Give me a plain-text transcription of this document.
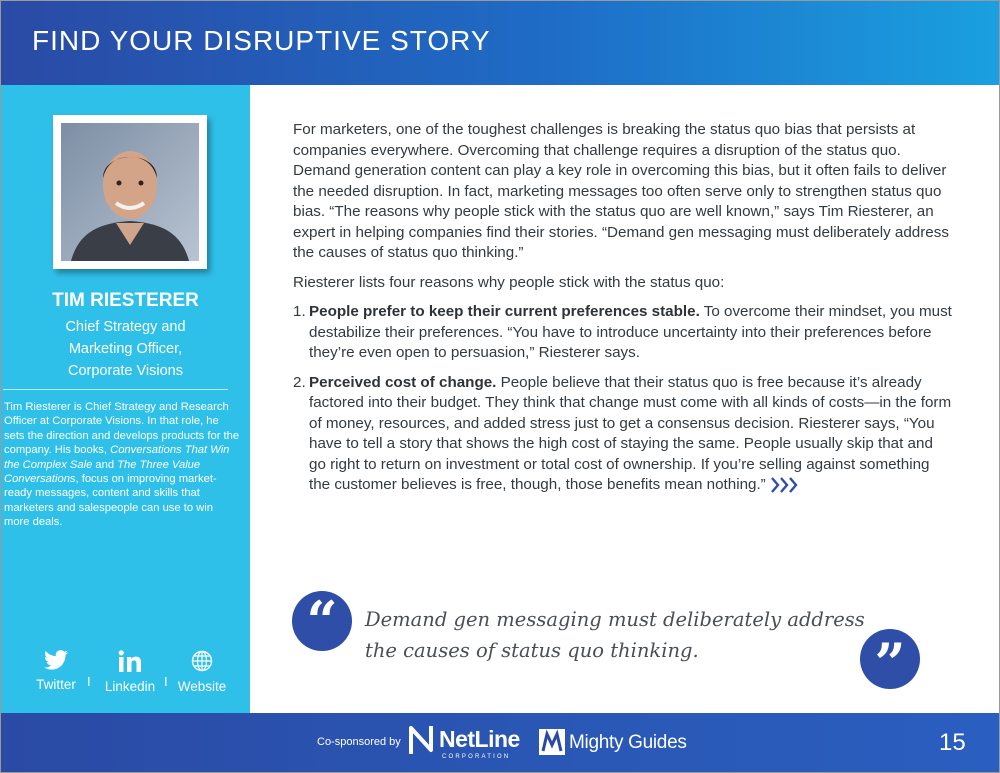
FIND YOUR DISRUPTIVE STORY
TIM RIESTERER
Chief Strategy and
Marketing Officer,
Corporate Visions
Tim Riesterer is Chief Strategy and Research Officer at Corporate Visions. In that role, he sets the direction and develops products for the company. His books, Conversations That Win the Complex Sale and The Three Value Conversations, focus on improving market-ready messages, content and skills that marketers and salespeople can use to win more deals.
Twitter I	Linkedin I Website

For marketers, one of the toughest challenges is breaking the status quo bias that persists at companies everywhere. Overcoming that challenge requires a disruption of the status quo. Demand generation content can play a key role in overcoming this bias, but it often fails to deliver the needed disruption. In fact, marketing messages too often serve only to strengthen status quo bias. “The reasons why people stick with the status quo are well known,” says Tim Riesterer, an expert in helping companies find their stories. “Demand gen messaging must deliberately address the causes of status quo thinking.”

Riesterer lists four reasons why people stick with the status quo:

1. People prefer to keep their current preferences stable. To overcome their mindset, you must destabilize their preferences. “You have to introduce uncertainty into their preferences before they’re even open to persuasion,” Riesterer says.
2. Perceived cost of change. People believe that their status quo is free because it’s already factored into their budget. They think that change must come with all kinds of costs—in the form of money, resources, and added stress just to get a consensus decision. Riesterer says, “You have to tell a story that shows the high cost of staying the same. People usually skip that and go right to return on investment or total cost of ownership. If you’re selling against something the customer believes is free, though, those benefits mean nothing.”
“	Demand gen messaging must deliberately address the causes of status quo thinking.	”
Co-sponsored by NetLine
CORPORATION
Mighty Guides	15
